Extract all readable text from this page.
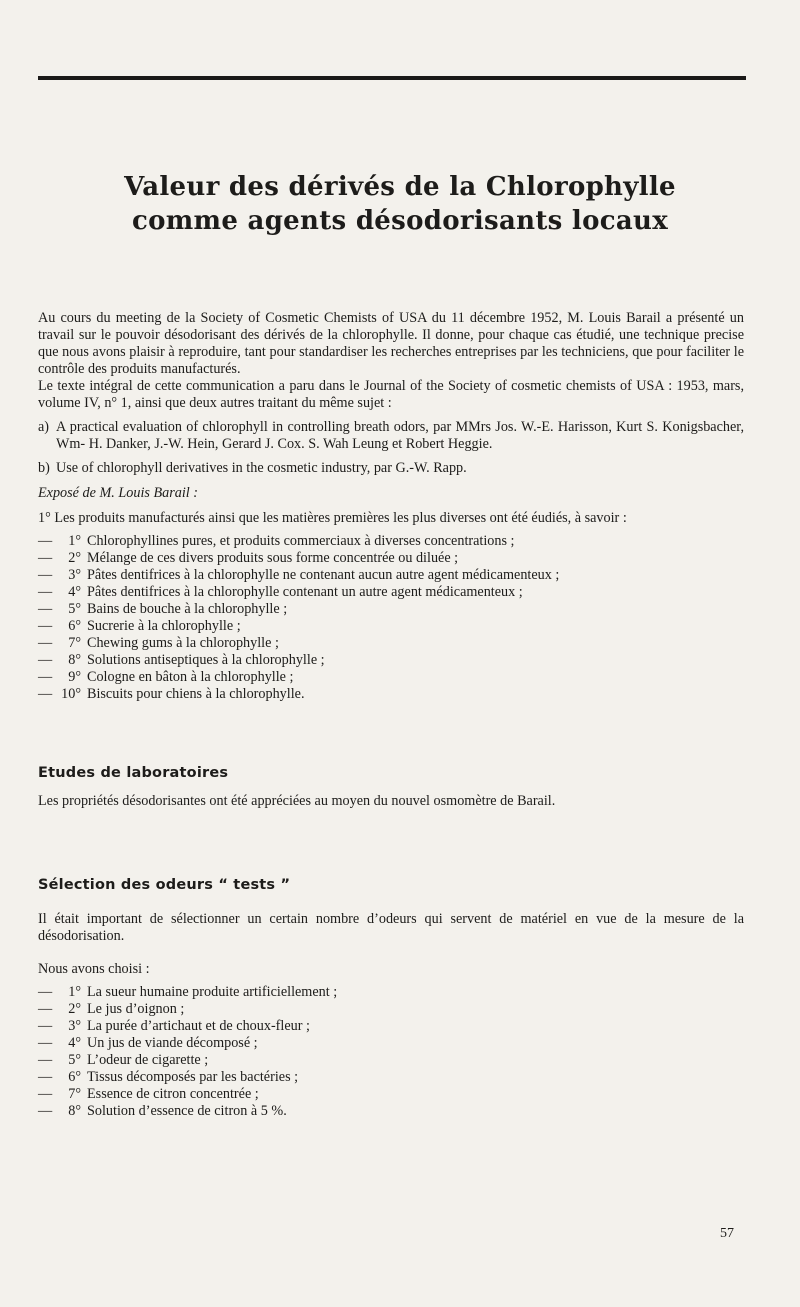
Valeur des dérivés de la Chlorophylle
comme agents désodorisants locaux

Au cours du meeting de la Society of Cosmetic Chemists of USA du 11 décembre 1952, M. Louis Barail a présenté un travail sur le pouvoir désodorisant des dérivés de la chlorophylle. Il donne, pour chaque cas étudié, une technique precise que nous avons plaisir à reproduire, tant pour standardiser les recherches entreprises par les techniciens, que pour faciliter le contrôle des produits manufacturés.

Le texte intégral de cette communication a paru dans le Journal of the Society of cosmetic chemists of USA : 1953, mars, volume IV, n° 1, ainsi que deux autres traitant du même sujet :

a) A practical evaluation of chlorophyll in controlling breath odors, par MMrs Jos. W.-E. Harisson, Kurt S. Konigsbacher, Wm- H. Danker, J.-W. Hein, Gerard J. Cox. S. Wah Leung et Robert Heggie.
b) Use of chlorophyll derivatives in the cosmetic industry, par G.-W. Rapp.

Exposé de M. Louis Barail :

1° Les produits manufacturés ainsi que les matières premières les plus diverses ont été éudiés, à savoir :

—	1° Chlorophyllines pures, et produits commerciaux à diverses concentrations ;
—	2° Mélange de ces divers produits sous forme concentrée ou diluée ;
—	3° Pâtes dentifrices à la chlorophylle ne contenant aucun autre agent médicamenteux ;
—	4° Pâtes dentifrices à la chlorophylle contenant un autre agent médicamenteux ;
—	5° Bains de bouche à la chlorophylle ;
—	6° Sucrerie à la chlorophylle ;
—	7° Chewing gums à la chlorophylle ;
—	8° Solutions antiseptiques à la chlorophylle ;
—	9° Cologne en bâton à la chlorophylle ;
— 10° Biscuits pour chiens à la chlorophylle.
Etudes de laboratoires

Les propriétés désodorisantes ont été appréciées au moyen du nouvel osmomètre de Barail.

Sélection des odeurs “ tests ”

Il était important de sélectionner un certain nombre d’odeurs qui servent de matériel en vue de la mesure de la désodorisation.

Nous avons choisi :

—	1° La sueur humaine produite artificiellement ;
—	2° Le jus d’oignon ;
—	3° La purée d’artichaut et de choux-fleur ;
—	4° Un jus de viande décomposé ;
—	5° L’odeur de cigarette ;
—	6° Tissus décomposés par les bactéries ;
—	7° Essence de citron concentrée ;
—	8° Solution d’essence de citron à 5 %.
57
